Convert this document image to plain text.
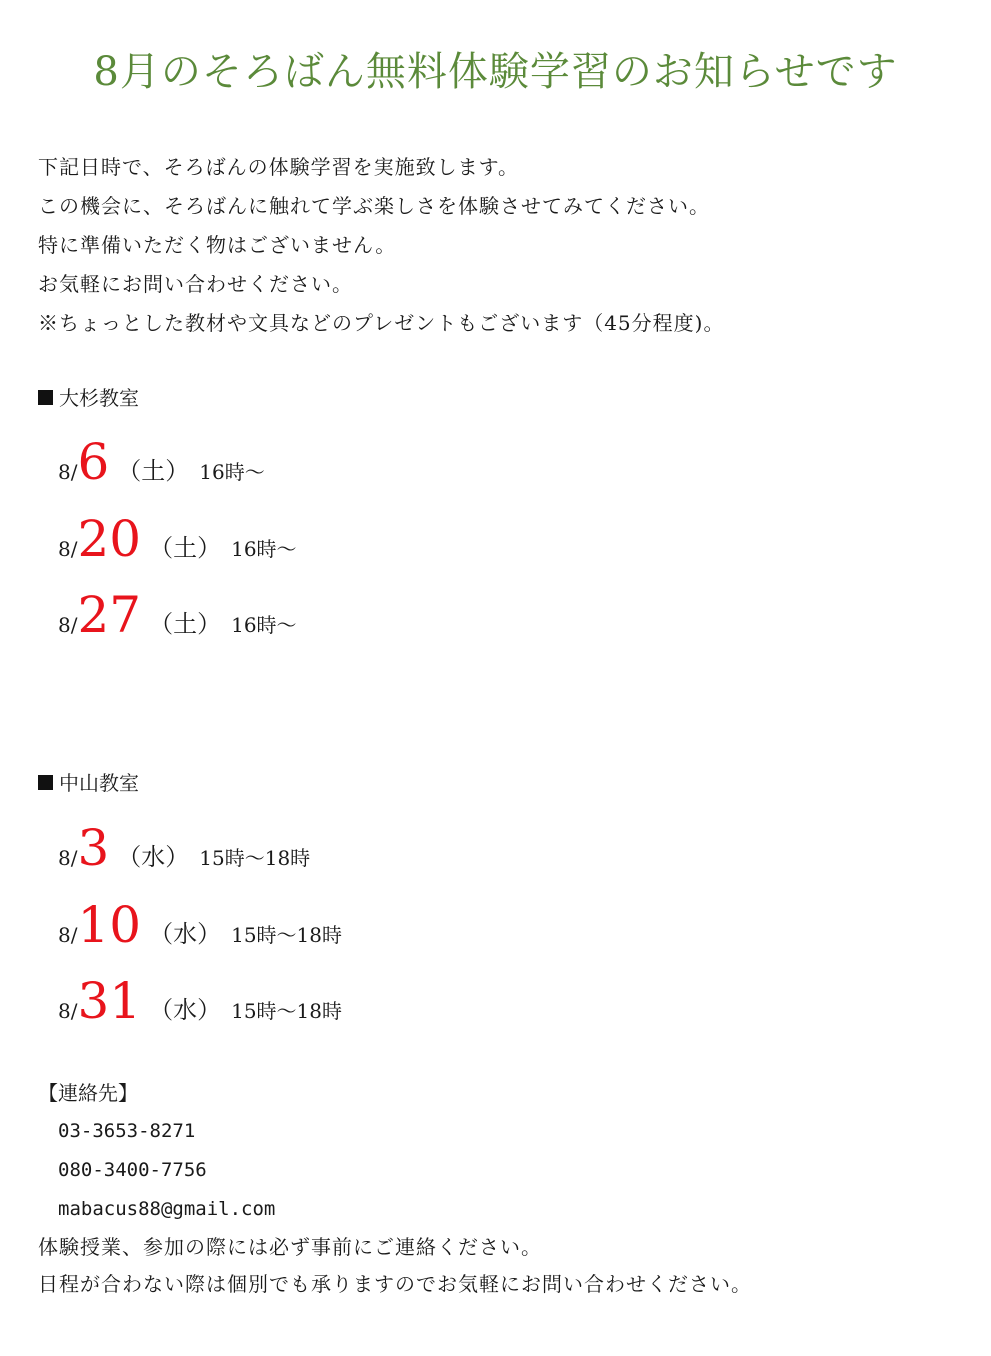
8月のそろばん無料体験学習のお知らせです
下記日時で、そろばんの体験学習を実施致します。
この機会に、そろばんに触れて学ぶ楽しさを体験させてみてください。
特に準備いただく物はございません。
お気軽にお問い合わせください。
※ちょっとした教材や文具などのプレゼントもございます（45分程度)。
大杉教室
8/ 6 （土） 16時～
8/ 20 （土） 16時～
8/ 27 （土） 16時～
中山教室
8/ 3 （水） 15時～18時
8/ 10 （水） 15時～18時
8/ 31 （水） 15時～18時
【連絡先】
03-3653-8271
080-3400-7756
mabacus88@gmail.com
体験授業、参加の際には必ず事前にご連絡ください。
日程が合わない際は個別でも承りますのでお気軽にお問い合わせください。
